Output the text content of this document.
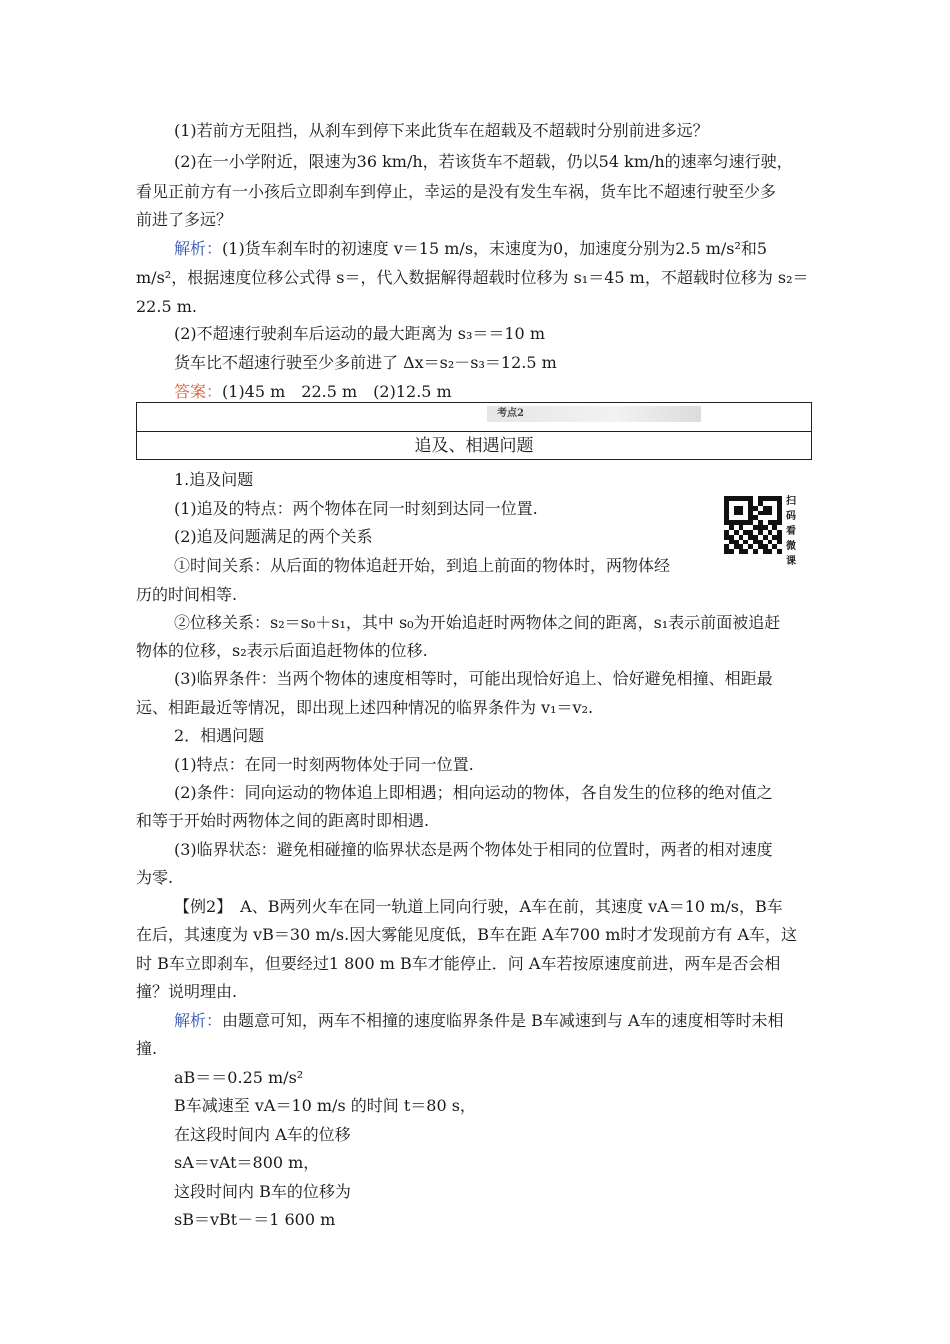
(1)若前方无阻挡，从刹车到停下来此货车在超载及不超载时分别前进多远？
(2)在一小学附近，限速为36 km/h，若该货车不超载，仍以54 km/h的速率匀速行驶，
看见正前方有一小孩后立即刹车到停止，幸运的是没有发生车祸，货车比不超速行驶至少多
前进了多远？
解析：(1)货车刹车时的初速度 v＝15 m/s，末速度为0，加速度分别为2.5 m/s²和5
m/s²，根据速度位移公式得 s＝，代入数据解得超载时位移为 s₁＝45 m，不超载时位移为 s₂＝
22.5 m.
(2)不超速行驶刹车后运动的最大距离为 s₃＝＝10 m
货车比不超速行驶至少多前进了 Δx＝s₂－s₃＝12.5 m
答案：(1)45 m　22.5 m　(2)12.5 m
1.追及问题
(1)追及的特点：两个物体在同一时刻到达同一位置.
(2)追及问题满足的两个关系
①时间关系：从后面的物体追赶开始，到追上前面的物体时，两物体经
历的时间相等.
②位移关系：s₂＝s₀＋s₁，其中 s₀为开始追赶时两物体之间的距离，s₁表示前面被追赶
物体的位移，s₂表示后面追赶物体的位移.
(3)临界条件：当两个物体的速度相等时，可能出现恰好追上、恰好避免相撞、相距最
远、相距最近等情况，即出现上述四种情况的临界条件为 v₁＝v₂.
2．相遇问题
(1)特点：在同一时刻两物体处于同一位置.
(2)条件：同向运动的物体追上即相遇；相向运动的物体，各自发生的位移的绝对值之
和等于开始时两物体之间的距离时即相遇.
(3)临界状态：避免相碰撞的临界状态是两个物体处于相同的位置时，两者的相对速度
为零.
【例2】　A、B两列火车在同一轨道上同向行驶，A车在前，其速度 vA＝10 m/s，B车
在后，其速度为 vB＝30 m/s.因大雾能见度低，B车在距 A车700 m时才发现前方有 A车，这
时 B车立即刹车，但要经过1 800 m B车才能停止．问 A车若按原速度前进，两车是否会相
撞？说明理由.
解析：由题意可知，两车不相撞的速度临界条件是 B车减速到与 A车的速度相等时未相
撞.
aB＝＝0.25 m/s²
B车减速至 vA＝10 m/s 的时间 t＝80 s，
在这段时间内 A车的位移
sA＝vAt＝800 m，
这段时间内 B车的位移为
sB＝vBt－＝1 600 m
考点2
追及、相遇问题
扫码看微课
